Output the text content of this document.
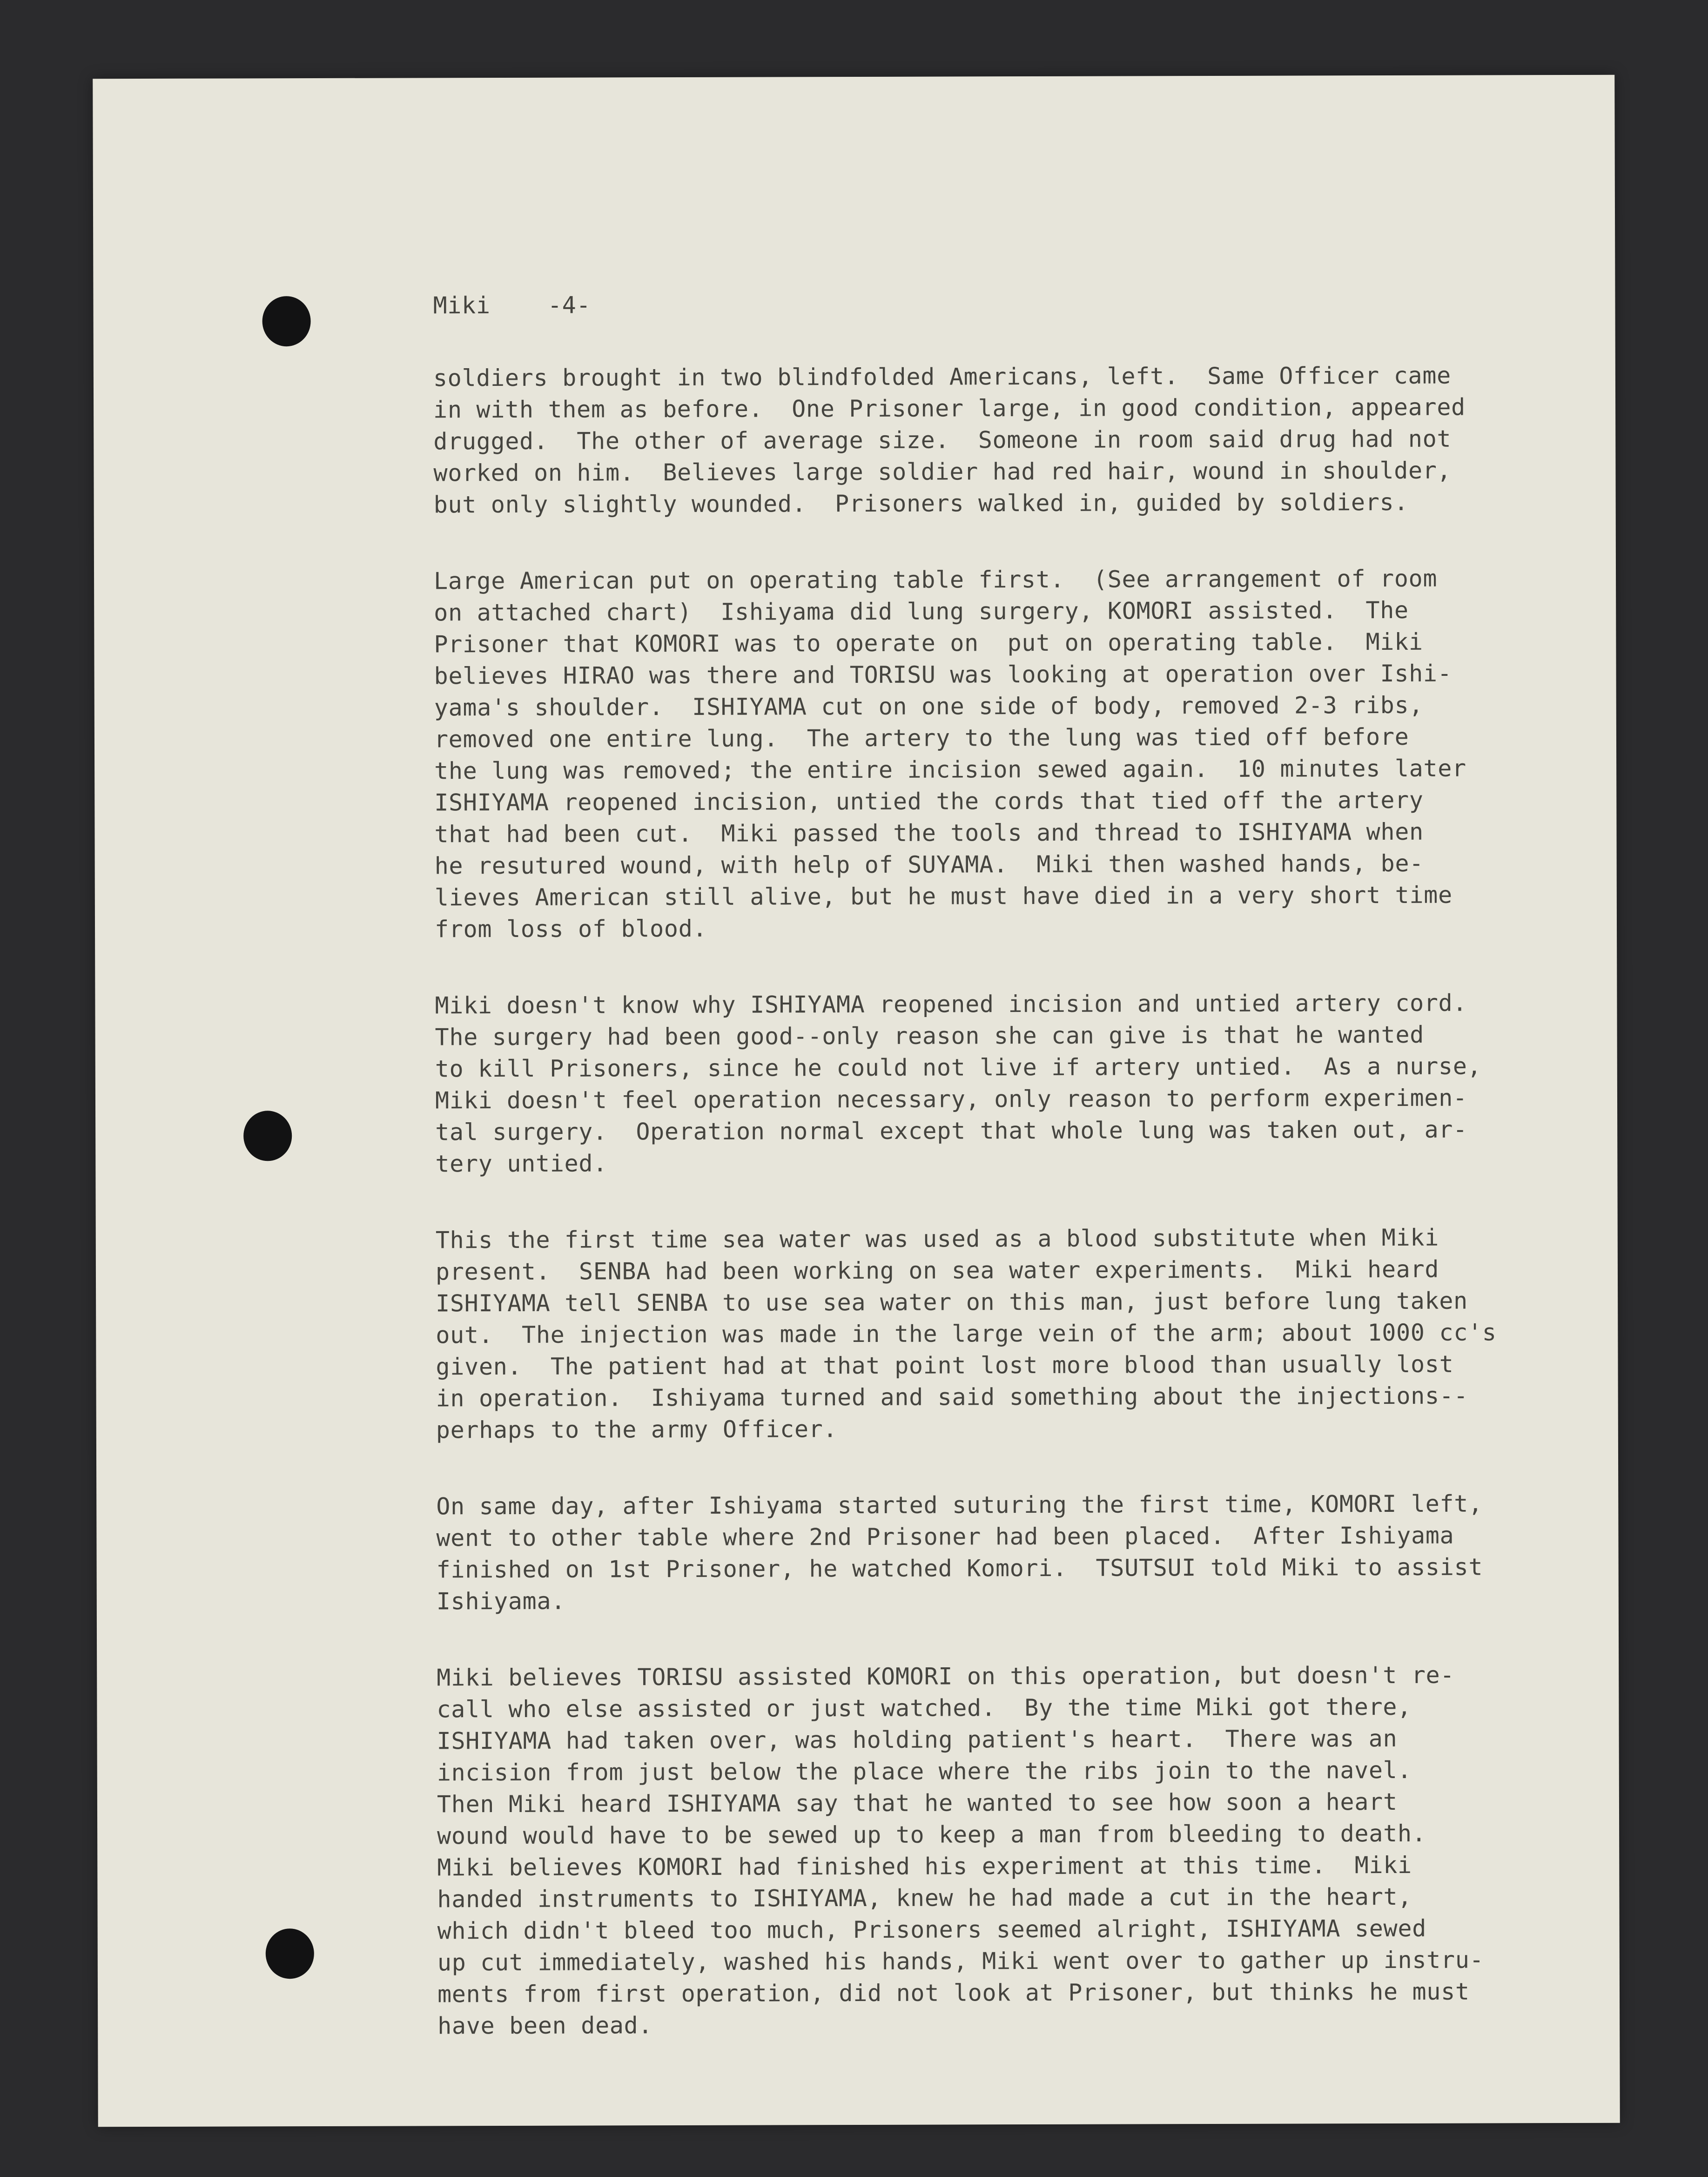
Miki -4-
soldiers brought in two blindfolded Americans, left.  Same Officer came
in with them as before.  One Prisoner large, in good condition, appeared
drugged.  The other of average size.  Someone in room said drug had not
worked on him.  Believes large soldier had red hair, wound in shoulder,
but only slightly wounded.  Prisoners walked in, guided by soldiers.
Large American put on operating table first.  (See arrangement of room
on attached chart)  Ishiyama did lung surgery, KOMORI assisted.  The
Prisoner that KOMORI was to operate on  put on operating table.  Miki
believes HIRAO was there and TORISU was looking at operation over Ishi-
yama's shoulder.  ISHIYAMA cut on one side of body, removed 2-3 ribs,
removed one entire lung.  The artery to the lung was tied off before
the lung was removed; the entire incision sewed again.  10 minutes later
ISHIYAMA reopened incision, untied the cords that tied off the artery
that had been cut.  Miki passed the tools and thread to ISHIYAMA when
he resutured wound, with help of SUYAMA.  Miki then washed hands, be-
lieves American still alive, but he must have died in a very short time
from loss of blood.
Miki doesn't know why ISHIYAMA reopened incision and untied artery cord.
The surgery had been good--only reason she can give is that he wanted
to kill Prisoners, since he could not live if artery untied.  As a nurse,
Miki doesn't feel operation necessary, only reason to perform experimen-
tal surgery.  Operation normal except that whole lung was taken out, ar-
tery untied.
This the first time sea water was used as a blood substitute when Miki
present.  SENBA had been working on sea water experiments.  Miki heard
ISHIYAMA tell SENBA to use sea water on this man, just before lung taken
out.  The injection was made in the large vein of the arm; about 1000 cc's
given.  The patient had at that point lost more blood than usually lost
in operation.  Ishiyama turned and said something about the injections--
perhaps to the army Officer.
On same day, after Ishiyama started suturing the first time, KOMORI left,
went to other table where 2nd Prisoner had been placed.  After Ishiyama
finished on 1st Prisoner, he watched Komori.  TSUTSUI told Miki to assist
Ishiyama.
Miki believes TORISU assisted KOMORI on this operation, but doesn't re-
call who else assisted or just watched.  By the time Miki got there,
ISHIYAMA had taken over, was holding patient's heart.  There was an
incision from just below the place where the ribs join to the navel.
Then Miki heard ISHIYAMA say that he wanted to see how soon a heart
wound would have to be sewed up to keep a man from bleeding to death.
Miki believes KOMORI had finished his experiment at this time.  Miki
handed instruments to ISHIYAMA, knew he had made a cut in the heart,
which didn't bleed too much, Prisoners seemed alright, ISHIYAMA sewed
up cut immediately, washed his hands, Miki went over to gather up instru-
ments from first operation, did not look at Prisoner, but thinks he must
have been dead.
